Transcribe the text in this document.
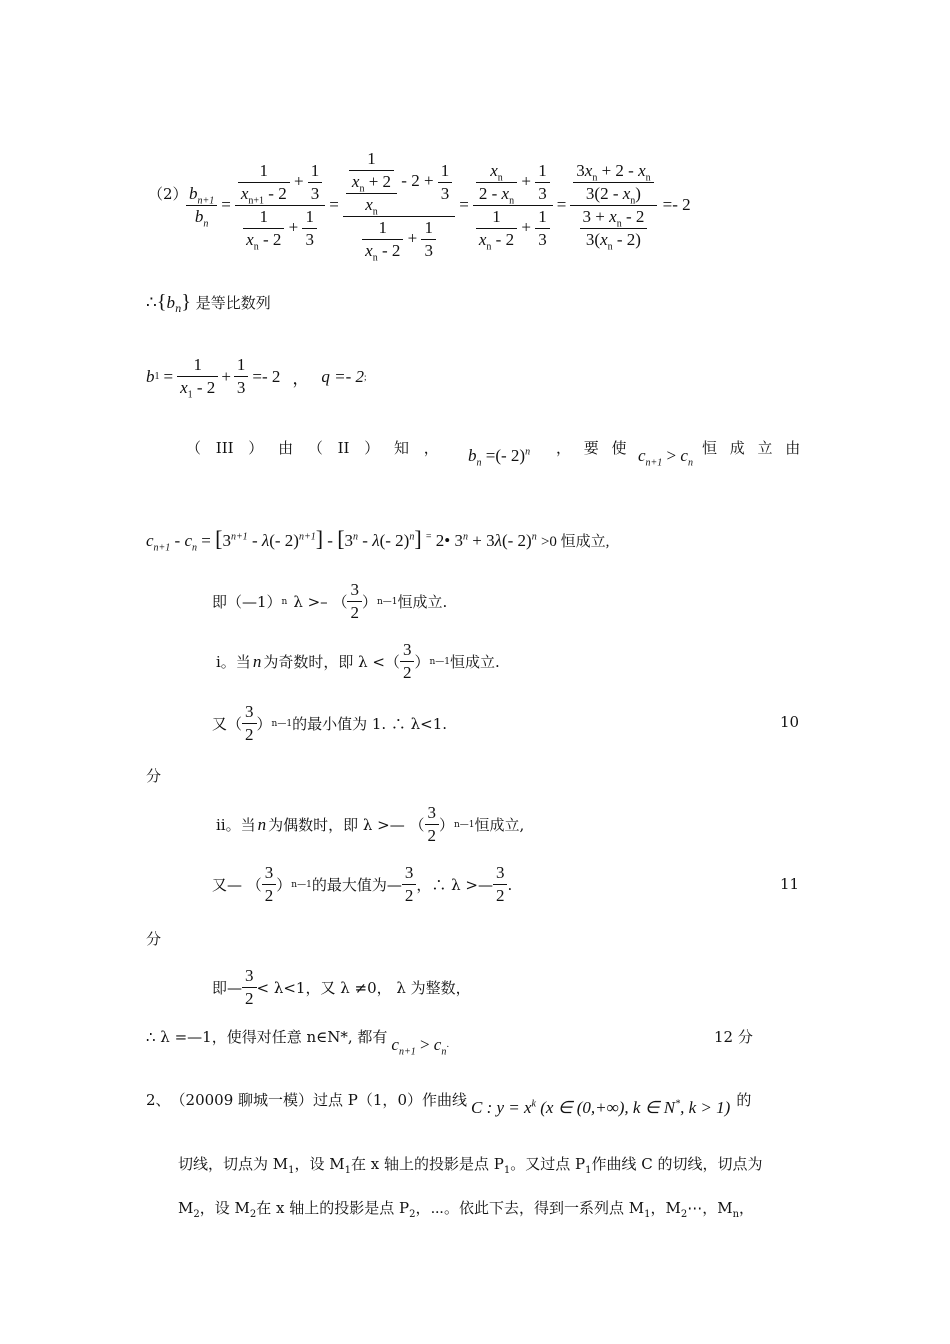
（2）
$\frac{b_{n+1}}{b_n} = \frac{\frac{1}{x_{n+1} - 2} + \frac{1}{3}}{\frac{1}{x_n - 2} + \frac{1}{3}} = \frac{\frac{\frac{1}{x_n + 2}}{x_n} - 2 + \frac{1}{3}}{\frac{1}{x_n - 2} + \frac{1}{3}} = \frac{\frac{x_n}{2 - x_n} + \frac{1}{3}}{\frac{1}{x_n - 2} + \frac{1}{3}} = \frac{\frac{3x_n + 2 - x_n}{3(2 - x_n)}}{\frac{3 + x_n - 2}{3(x_n - 2)}} =- 2$
$\therefore\{b_n\}$ 是等比数列
b $1 = \frac{1}{x_1 - 2} + \frac{1}{3} =- 2$ ， q =- 2 ;
（ III ） 由 （ II ） 知 ， $b_n$ =(- 2)$^n$ ， 要 使 $c_{n+1} > c_n$
恒 成 立 由
$c_{n+1} - c_n = [3^{n+1} - \lambda(-$ 2)$^{n+1}$] - [3$^n$ - λ(- 2)$^n$] = 2• $3^n + 3\lambda(-$ 2)$^n$ >0 恒成立,
即（—1） n λ >– （ $\frac{3}{2}$ ） n—1 恒成立.
ⅰ。当 n 为奇数时，即 λ <（ $\frac{3}{2}$ ） n—1 恒成立.
又（ $\frac{3}{2}$ ） n—1 的最小值为 1. ∴ λ<1.	10
分
ⅱ。当 n 为偶数时，即 λ >— （ $\frac{3}{2}$ ） n—1 恒成立,
又— （ $\frac{3}{2}$ ） n—1 的最大值为— $\frac{3}{2}$ ，∴ λ >— $\frac{3}{2}$ .	11
分
即— $\frac{3}{2} < \lambda<1$，又 λ ≠0， λ 为整数，
∴ λ =—1，使得对任意 n∈N*, 都有 $c_{n+1} > c_n$
.	12 分
2、 （20009 聊城一模）过点 P（1，0）作曲线 C : $y = x^k$ (x ∈ (0,+∞), k ∈ N*, k > 1) 的
切线，切点为 $M_1$，设 $M_1$在 x 轴上的投影是点 $P_1$。又过点 $P_1$作曲线 C 的切线，切点为
$M_2$，设 $M_2$在 x 轴上的投影是点 $P_2$，⋯。依此下去，得到一系列点 $M_1$，$M_2\cdots$，$M_n$，
